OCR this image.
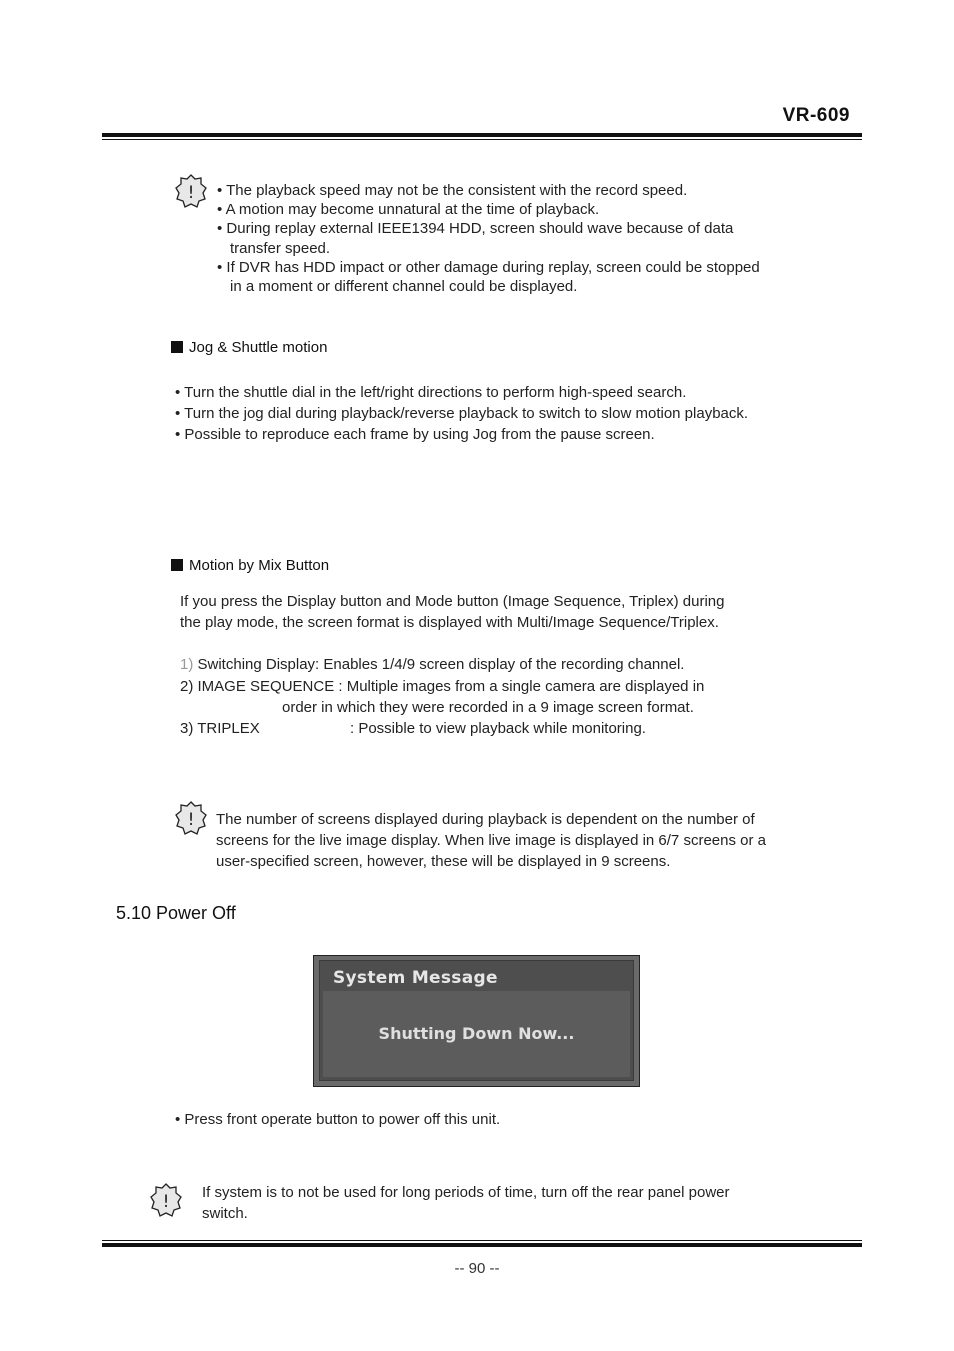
VR-609
! • The playback speed may not be the consistent with the record speed.
• A motion may become unnatural at the time of playback.
• During replay external IEEE1394 HDD, screen should wave because of data
transfer speed.
• If DVR has HDD impact or other damage during replay, screen could be stopped
in a moment or different channel could be displayed.
Jog & Shuttle motion
• Turn the shuttle dial in the left/right directions to perform high-speed search.
• Turn the jog dial during playback/reverse playback to switch to slow motion playback.
• Possible to reproduce each frame by using Jog from the pause screen.
Motion by Mix Button
If you press the Display button and Mode button (Image Sequence, Triplex) during
the play mode, the screen format is displayed with Multi/Image Sequence/Triplex.
1) Switching Display: Enables 1/4/9 screen display of the recording channel.
2) IMAGE SEQUENCE : Multiple images from a single camera are displayed in
order in which they were recorded in a 9 image screen format.
3) TRIPLEX	: Possible to view playback while monitoring.
! The number of screens displayed during playback is dependent on the number of
screens for the live image display. When live image is displayed in 6/7 screens or a
user-specified screen, however, these will be displayed in 9 screens.
5.10 Power Off
System Message
Shutting Down Now...
• Press front operate button to power off this unit.
! If system is to not be used for long periods of time, turn off the rear panel power
switch.
-- 90 --
